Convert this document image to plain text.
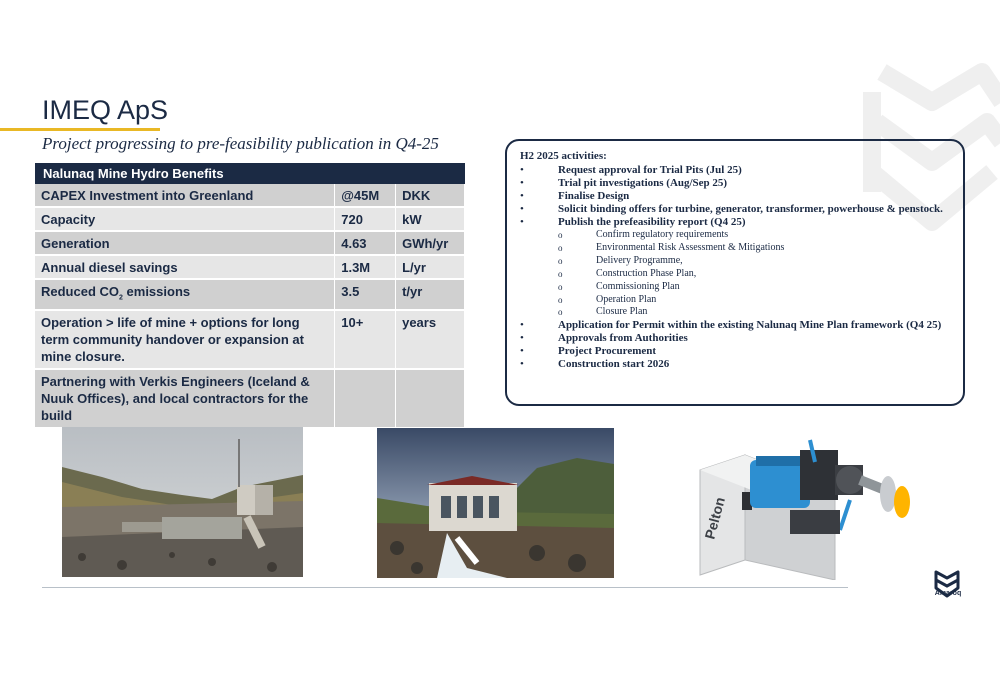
IMEQ ApS
Project progressing to pre-feasibility publication in Q4-25
Nalunaq Mine Hydro Benefits		
CAPEX Investment into Greenland	@45M	DKK
Capacity	720	kW
Generation	4.63	GWh/yr
Annual diesel savings	1.3M	L/yr
Reduced $CO_2$ emissions	3.5	t/yr
Operation > life of mine + options for long term community handover or expansion at mine closure.	10+	years
Partnering with Verkis Engineers (Iceland & Nuuk Offices), and local contractors for the build		
H2 2025 activities:
•	Request approval for Trial Pits (Jul 25)
•	Trial pit investigations (Aug/Sep 25)
•	Finalise Design
•	Solicit binding offers for turbine, generator, transformer, powerhouse & penstock.
•	Publish the prefeasibility report (Q4 25)
o	Confirm regulatory requirements
o	Environmental Risk Assessment & Mitigations
o	Delivery Programme,
o	Construction Phase Plan,
o	Commissioning Plan
o	Operation Plan
o	Closure Plan
•	Application for Permit within the existing Nalunaq Mine Plan framework (Q4 25)
•	Approvals from Authorities
•	Project Procurement
•	Construction start 2026
Pelton
Amaroq
